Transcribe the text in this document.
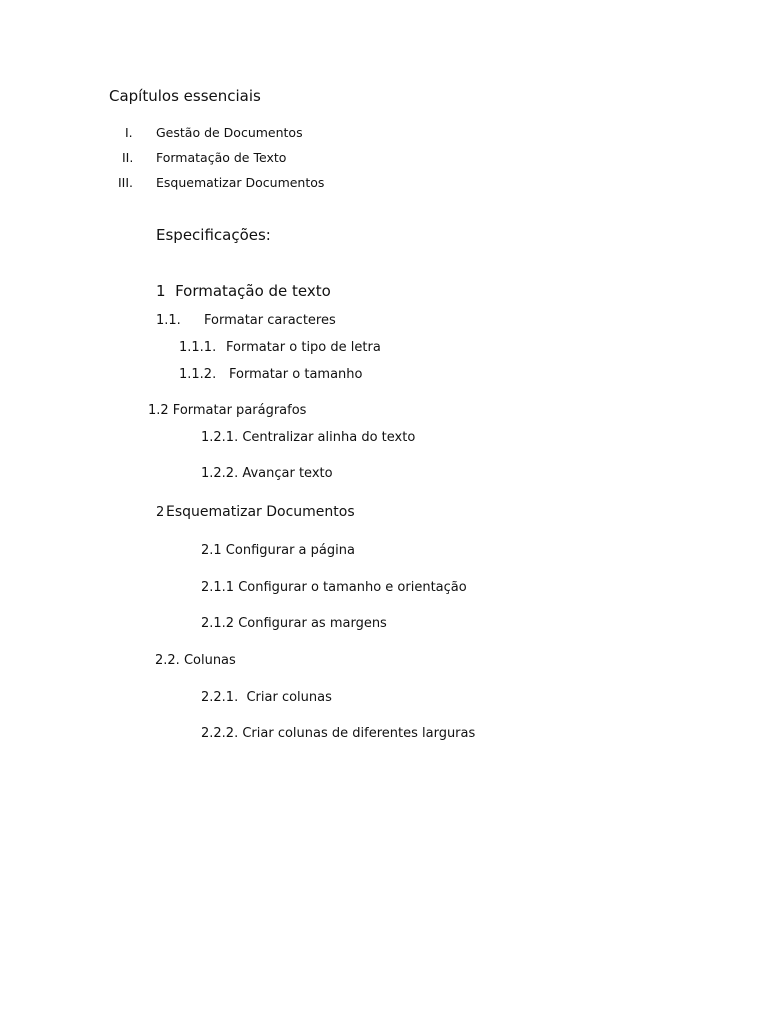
Capítulos essenciais
I. Gestão de Documentos
II. Formatação de Texto
III. Esquematizar Documentos
Especificações:
1  Formatação de texto
1.1. Formatar caracteres
1.1.1. Formatar o tipo de letra
1.1.2. Formatar o tamanho
1.2 Formatar parágrafos
1.2.1. Centralizar alinha do texto
1.2.2. Avançar texto
2 Esquematizar Documentos
2.1 Configurar a página
2.1.1 Configurar o tamanho e orientação
2.1.2 Configurar as margens
2.2. Colunas
2.2.1.  Criar colunas
2.2.2. Criar colunas de diferentes larguras
